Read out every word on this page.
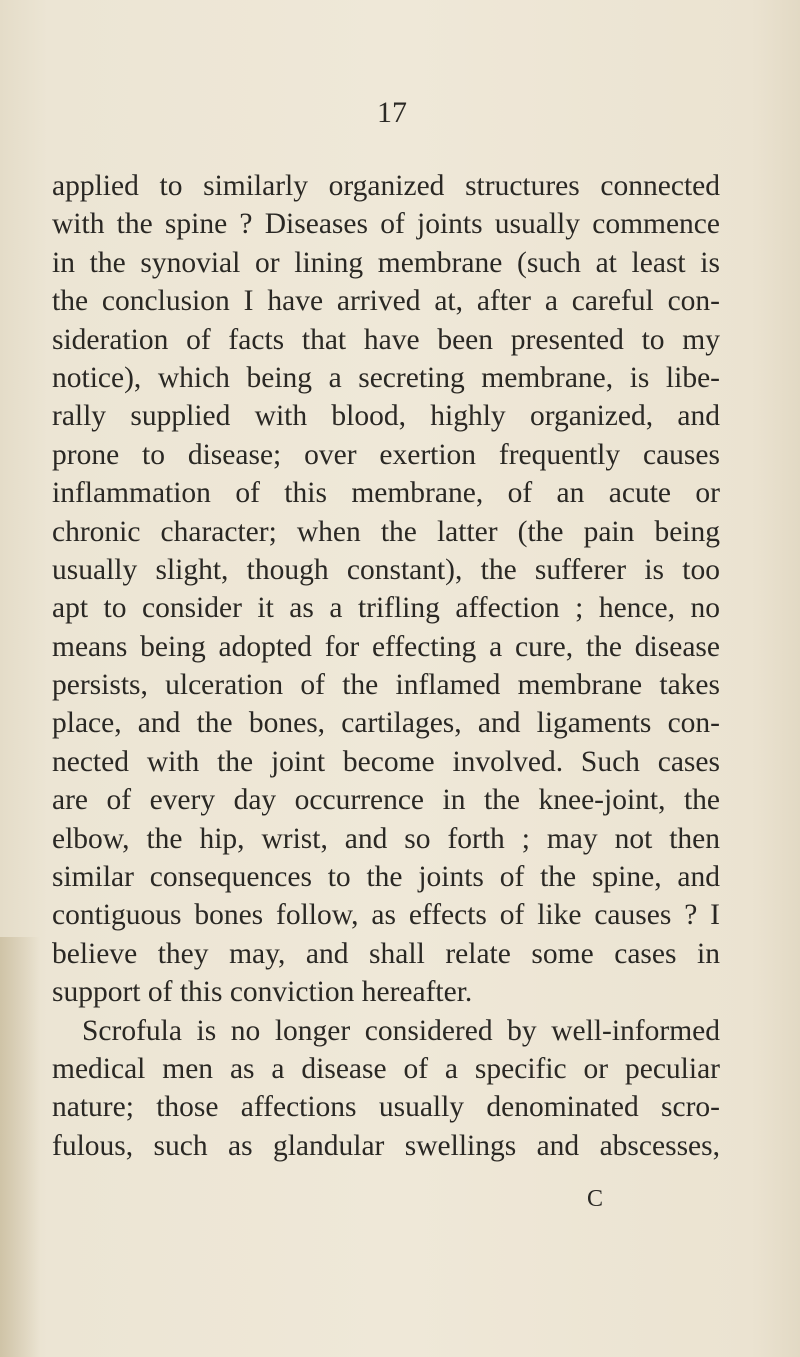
17
applied to similarly organized structures connected
with the spine ? Diseases of joints usually commence
in the synovial or lining membrane (such at least is
the conclusion I have arrived at, after a careful con-
sideration of facts that have been presented to my
notice), which being a secreting membrane, is libe-
rally supplied with blood, highly organized, and
prone to disease; over exertion frequently causes
inflammation of this membrane, of an acute or
chronic character; when the latter (the pain being
usually slight, though constant), the sufferer is too
apt to consider it as a trifling affection ; hence, no
means being adopted for effecting a cure, the disease
persists, ulceration of the inflamed membrane takes
place, and the bones, cartilages, and ligaments con-
nected with the joint become involved. Such cases
are of every day occurrence in the knee-joint, the
elbow, the hip, wrist, and so forth ; may not then
similar consequences to the joints of the spine, and
contiguous bones follow, as effects of like causes ? I
believe they may, and shall relate some cases in
support of this conviction hereafter.
Scrofula is no longer considered by well-informed
medical men as a disease of a specific or peculiar
nature; those affections usually denominated scro-
fulous, such as glandular swellings and abscesses,
C
